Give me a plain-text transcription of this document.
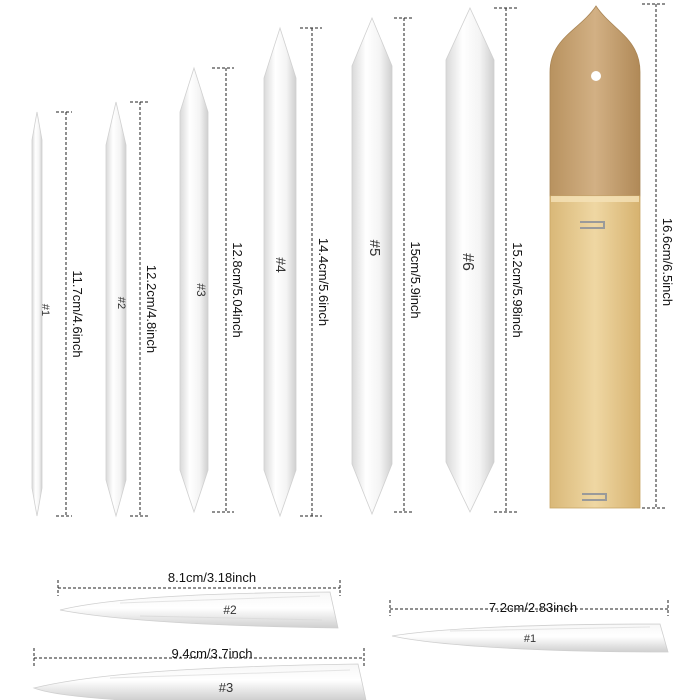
#1 11.7cm/4.6inch	#2 12.2cm/4.8inch	#3 12.8cm/5.04inch #4 14.4cm/5.6inch #5 15cm/5.9inch #6	15.2cm/5.98inch	16.6cm/6.5inch
8.1cm/3.18inch
#2	7.2cm/2.83inch
#1
9.4cm/3.7inch
#3
